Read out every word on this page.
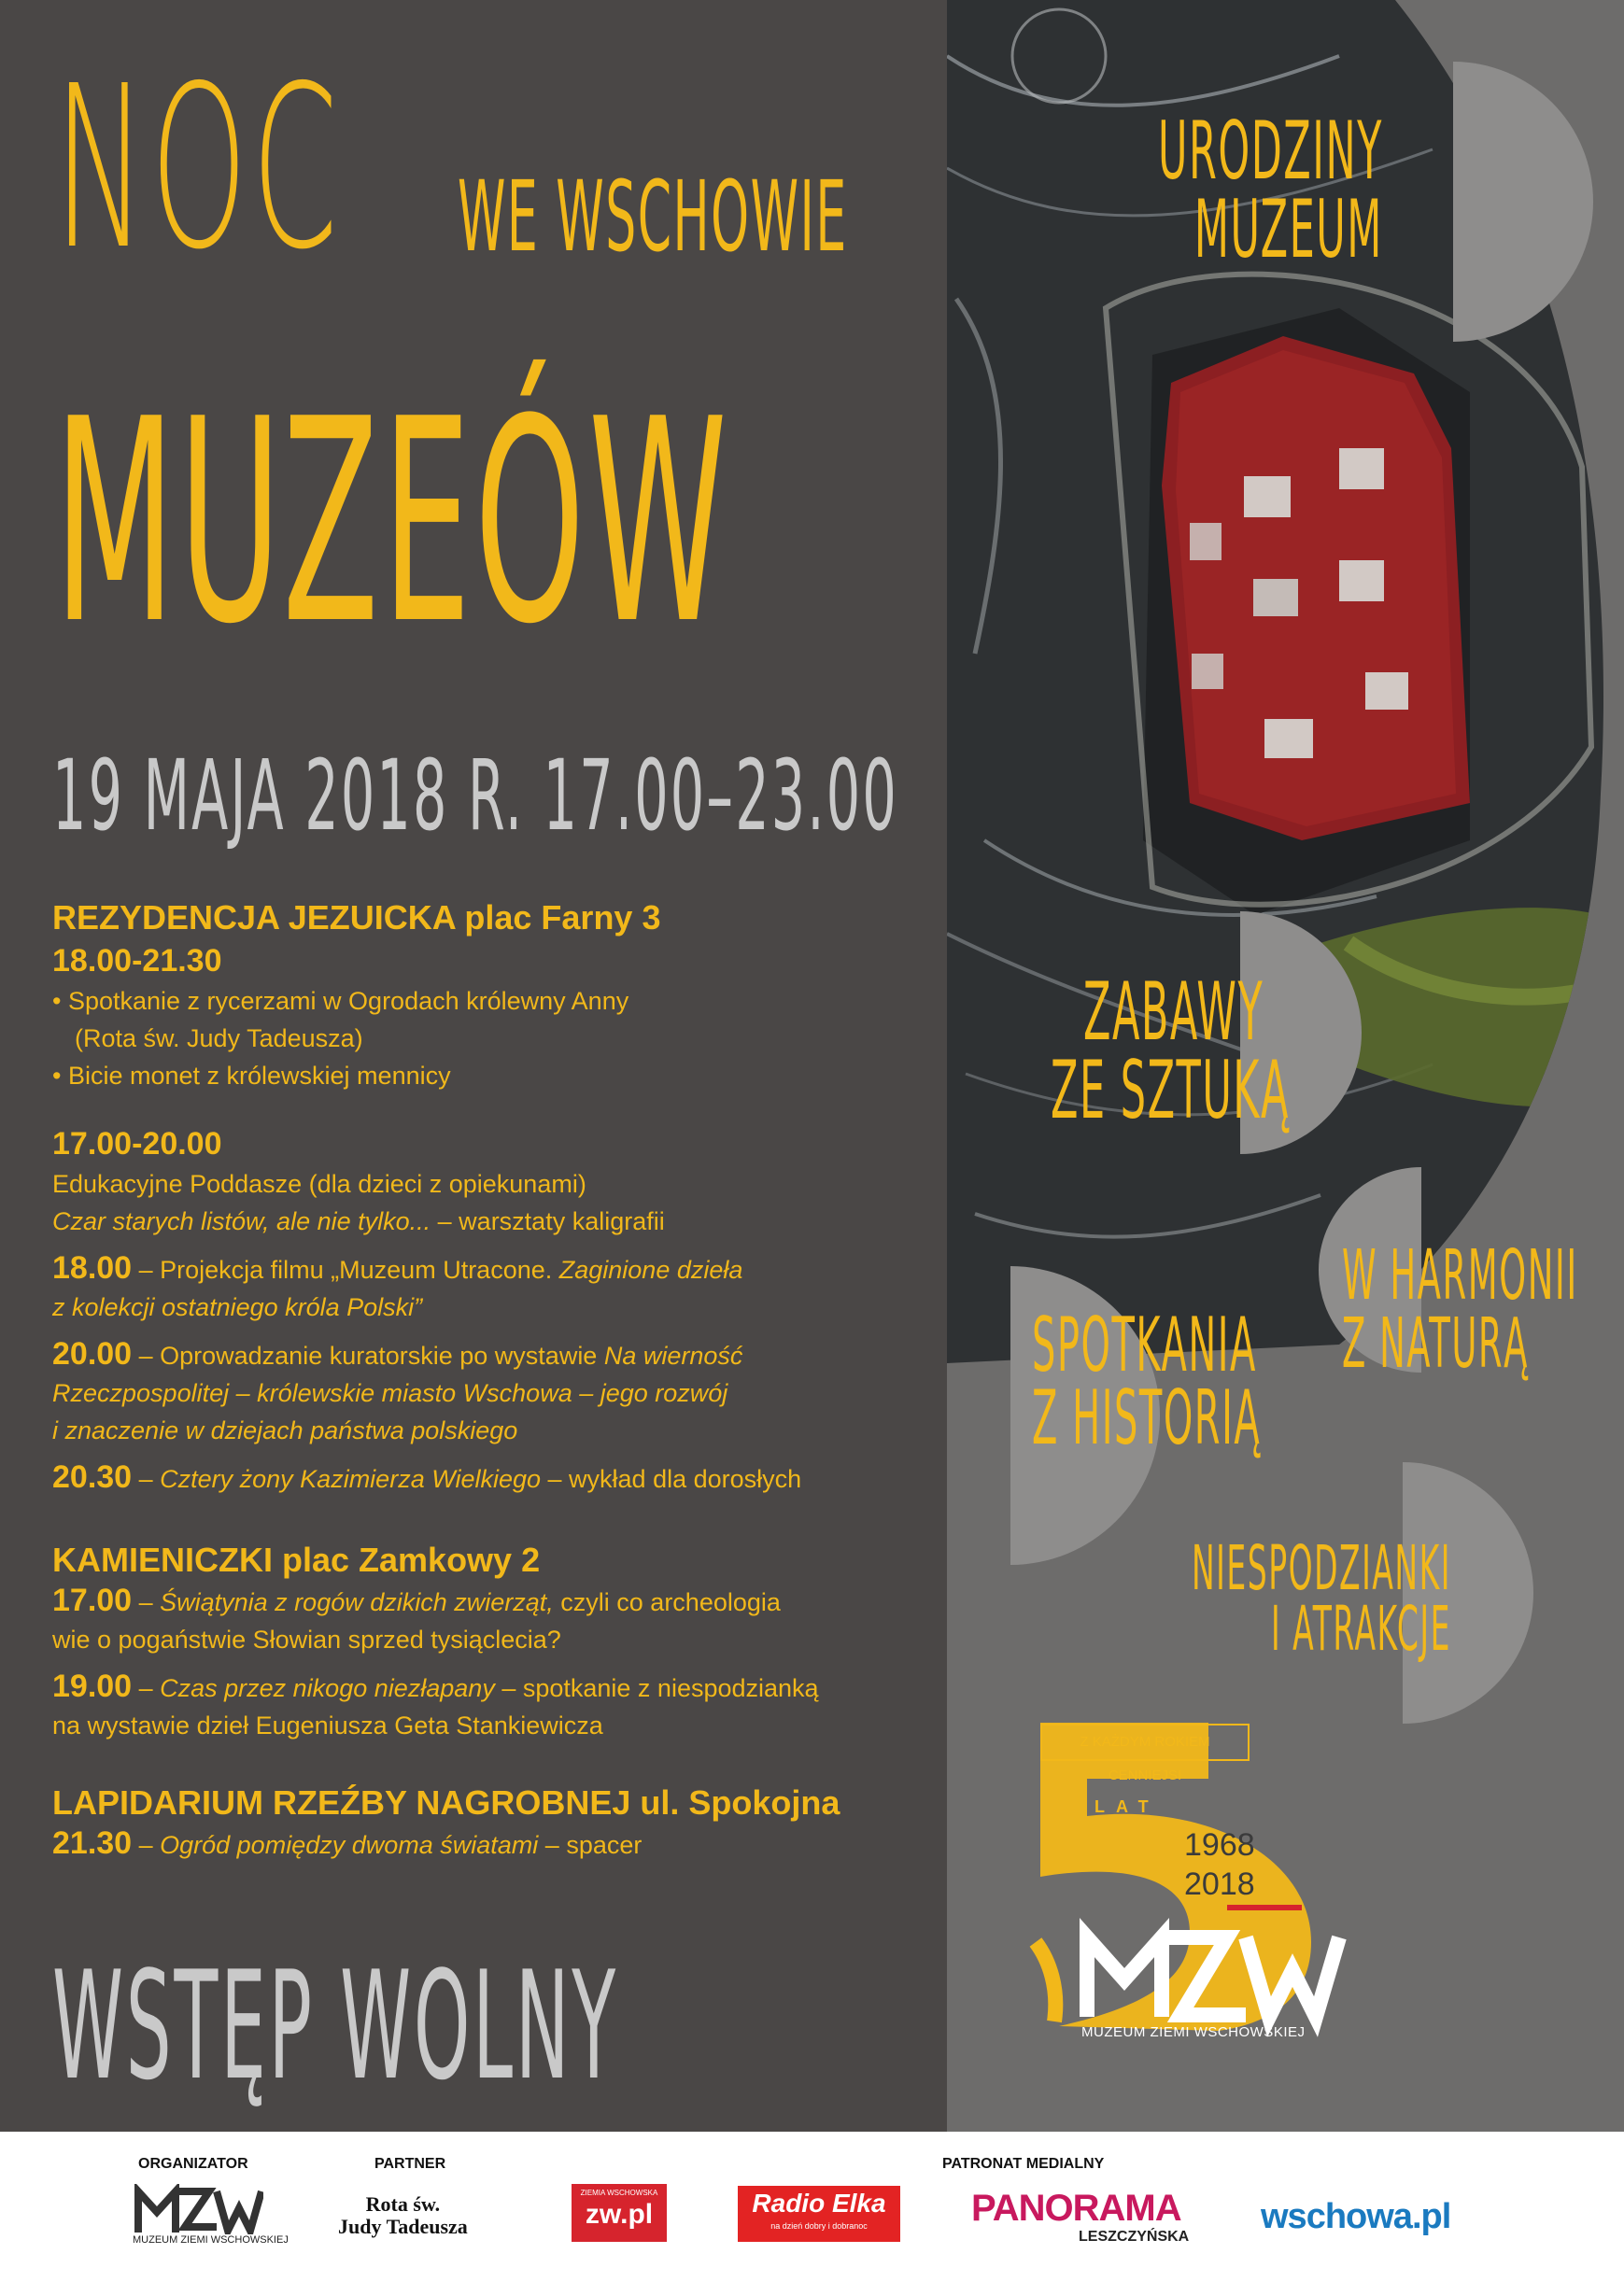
NOC WE WSCHOWIE
MUZEÓW
19 MAJA 2018 R. 17.00–23.00
REZYDENCJA JEZUICKA plac Farny 3
18.00-21.30
• Spotkanie z rycerzami w Ogrodach królewny Anny
(Rota św. Judy Tadeusza)
• Bicie monet z królewskiej mennicy
17.00-20.00
Edukacyjne Poddasze (dla dzieci z opiekunami)
Czar starych listów, ale nie tylko... – warsztaty kaligrafii
18.00 – Projekcja filmu „Muzeum Utracone. Zaginione dzieła
z kolekcji ostatniego króla Polski”
20.00 – Oprowadzanie kuratorskie po wystawie Na wierność
Rzeczpospolitej – królewskie miasto Wschowa – jego rozwój
i znaczenie w dziejach państwa polskiego
20.30 – Cztery żony Kazimierza Wielkiego – wykład dla dorosłych
KAMIENICZKI plac Zamkowy 2
17.00 – Świątynia z rogów dzikich zwierząt, czyli co archeologia
wie o pogaństwie Słowian sprzed tysiąclecia?
19.00 – Czas przez nikogo niezłapany – spotkanie z niespodzianką
na wystawie dzieł Eugeniusza Geta Stankiewicza
LAPIDARIUM RZEŹBY NAGROBNEJ ul. Spokojna
21.30 – Ogród pomiędzy dwoma światami – spacer
WSTĘP WOLNY
URODZINY
MUZEUM
ZABAWY
ZE SZTUKĄ
W HARMONII
Z NATURĄ
SPOTKANIA
Z HISTORIĄ
NIESPODZIANKI
I ATRAKCJE
Z KAŻDYM ROKIEM CENNIEJSI
LAT
1968
2018
MUZEUM ZIEMI WSCHOWSKIEJ
ORGANIZATOR	PARTNER	PATRONAT MEDIALNY
MUZEUM ZIEMI WSCHOWSKIEJ
Rota św.
Judy Tadeusza
ZIEMIA WSCHOWSKA
zw.pl	Radio Elka
na dzień dobry i dobranoc	PANORAMA
LESZCZYŃSKA
wschowa.pl
